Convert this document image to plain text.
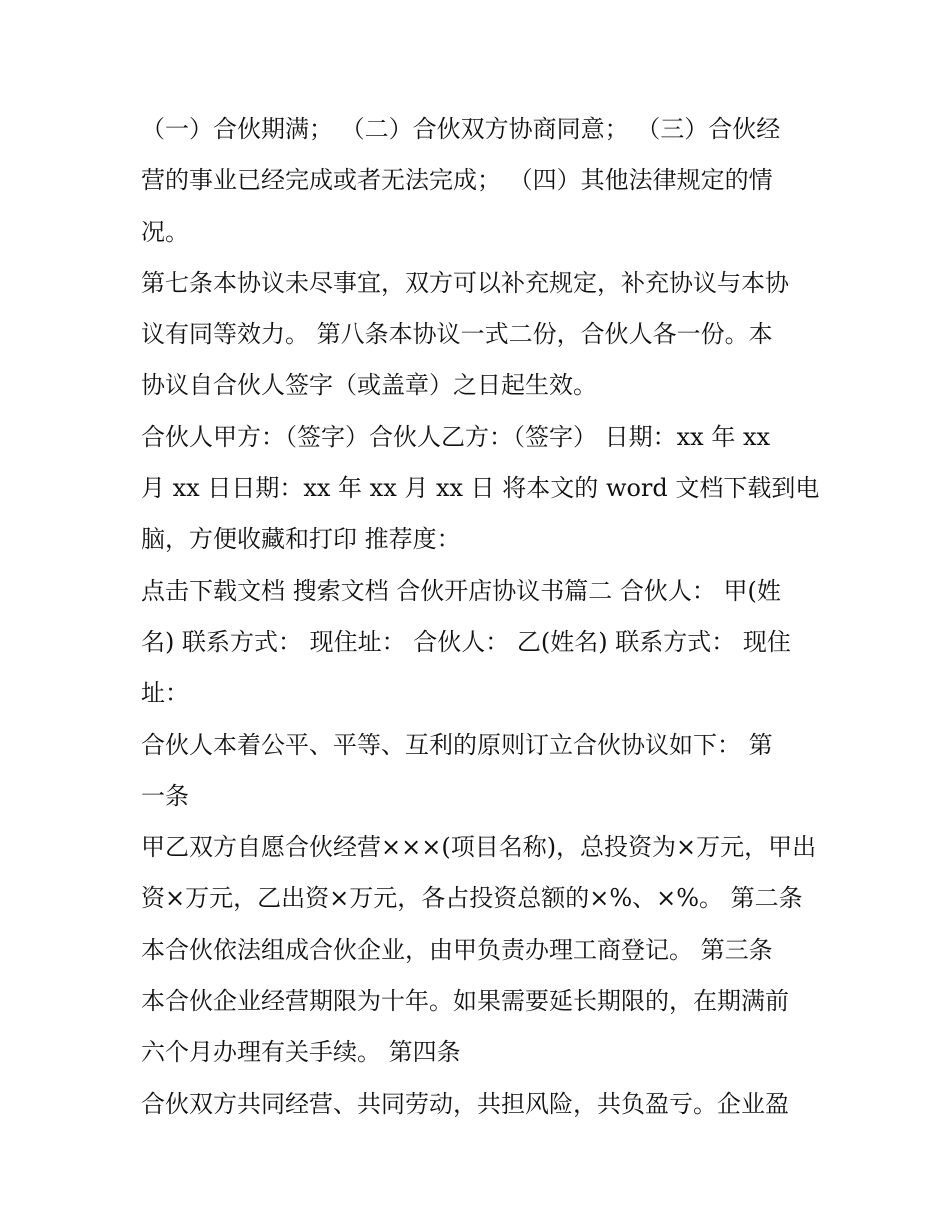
（一）合伙期满； （二）合伙双方协商同意； （三）合伙经
营的事业已经完成或者无法完成； （四）其他法律规定的情
况。
第七条本协议未尽事宜，双方可以补充规定，补充协议与本协
议有同等效力。 第八条本协议一式二份，合伙人各一份。本
协议自合伙人签字（或盖章）之日起生效。
合伙人甲方：（签字）合伙人乙方：（签字） 日期：xx 年 xx
月 xx 日日期：xx 年 xx 月 xx 日 将本文的 word 文档下载到电
脑，方便收藏和打印 推荐度：
点击下载文档 搜索文档 合伙开店协议书篇二 合伙人： 甲(姓
名) 联系方式： 现住址： 合伙人： 乙(姓名) 联系方式： 现住
址：
合伙人本着公平、平等、互利的原则订立合伙协议如下： 第
一条
甲乙双方自愿合伙经营×××(项目名称)，总投资为×万元，甲出
资×万元，乙出资×万元，各占投资总额的×%、×%。 第二条
本合伙依法组成合伙企业，由甲负责办理工商登记。 第三条
本合伙企业经营期限为十年。如果需要延长期限的，在期满前
六个月办理有关手续。 第四条
合伙双方共同经营、共同劳动，共担风险，共负盈亏。企业盈
